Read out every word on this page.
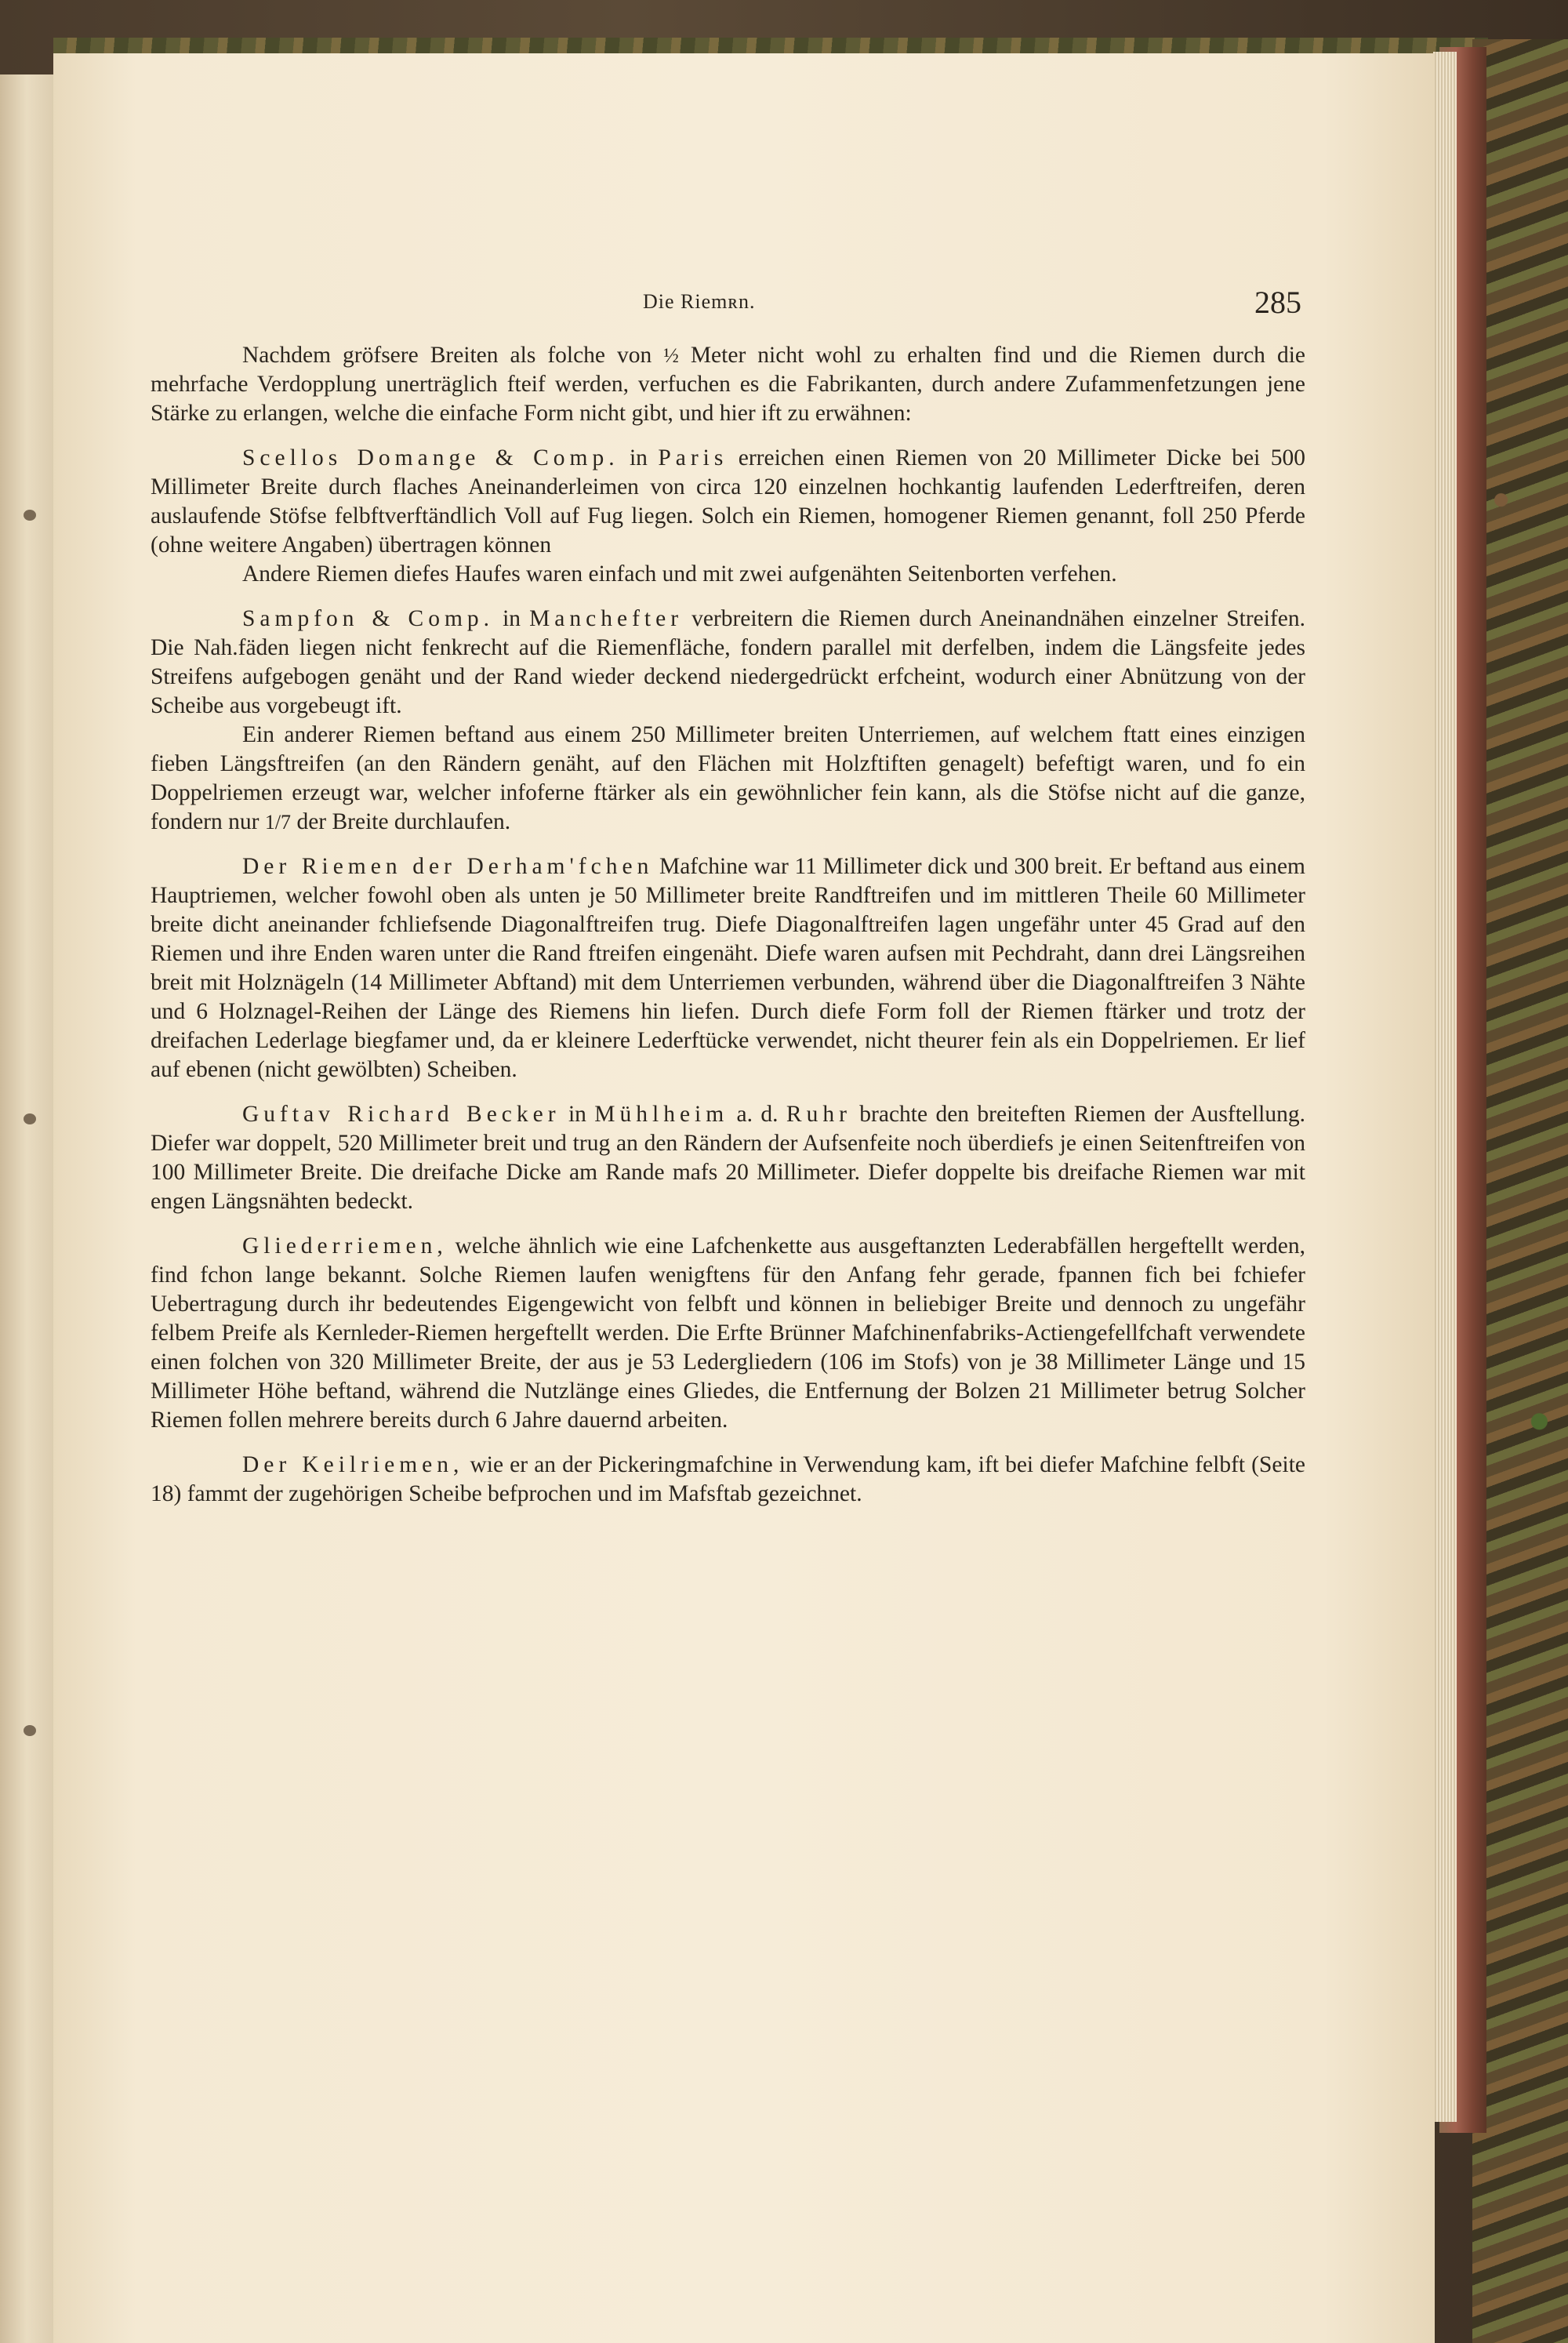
Die Riemʀn.	285

Nachdem gröfsere Breiten als folche von ½ Meter nicht wohl zu erhalten find und die Riemen durch die mehrfache Verdopplung unerträglich fteif werden, verfuchen es die Fabrikanten, durch andere Zufammenfetzungen jene Stärke zu erlangen, welche die einfache Form nicht gibt, und hier ift zu erwähnen:

Scellos Domange & Comp. in Paris erreichen einen Riemen von 20 Millimeter Dicke bei 500 Millimeter Breite durch flaches Aneinanderleimen von circa 120 einzelnen hochkantig laufenden Lederftreifen, deren auslaufende Stöfse felbftverftändlich Voll auf Fug liegen. Solch ein Riemen, homogener Riemen genannt, foll 250 Pferde (ohne weitere Angaben) übertragen können

Andere Riemen diefes Haufes waren einfach und mit zwei aufgenähten Seitenborten verfehen.

Sampfon & Comp. in Manchefter verbreitern die Riemen durch Aneinandnähen einzelner Streifen. Die Nah.fäden liegen nicht fenkrecht auf die Riemenfläche, fondern parallel mit derfelben, indem die Längsfeite jedes Streifens aufgebogen genäht und der Rand wieder deckend niedergedrückt erfcheint, wodurch einer Abnützung von der Scheibe aus vorgebeugt ift.

Ein anderer Riemen beftand aus einem 250 Millimeter breiten Unterriemen, auf welchem ftatt eines einzigen fieben Längsftreifen (an den Rändern genäht, auf den Flächen mit Holzftiften genagelt) befeftigt waren, und fo ein Doppelriemen erzeugt war, welcher infoferne ftärker als ein gewöhnlicher fein kann, als die Stöfse nicht auf die ganze, fondern nur 1/7 der Breite durchlaufen.

Der Riemen der Derham'fchen Mafchine war 11 Millimeter dick und 300 breit. Er beftand aus einem Hauptriemen, welcher fowohl oben als unten je 50 Millimeter breite Randftreifen und im mittleren Theile 60 Millimeter breite dicht aneinander fchliefsende Diagonalftreifen trug. Diefe Diagonalftreifen lagen ungefähr unter 45 Grad auf den Riemen und ihre Enden waren unter die Rand ftreifen eingenäht. Diefe waren aufsen mit Pechdraht, dann drei Längsreihen breit mit Holznägeln (14 Millimeter Abftand) mit dem Unterriemen verbunden, während über die Diagonalftreifen 3 Nähte und 6 Holznagel-Reihen der Länge des Riemens hin liefen. Durch diefe Form foll der Riemen ftärker und trotz der dreifachen Lederlage biegfamer und, da er kleinere Lederftücke verwendet, nicht theurer fein als ein Doppelriemen. Er lief auf ebenen (nicht gewölbten) Scheiben.

Guftav Richard Becker in Mühlheim a. d. Ruhr brachte den breiteften Riemen der Ausftellung. Diefer war doppelt, 520 Millimeter breit und trug an den Rändern der Aufsenfeite noch überdiefs je einen Seitenftreifen von 100 Millimeter Breite. Die dreifache Dicke am Rande mafs 20 Millimeter. Diefer doppelte bis dreifache Riemen war mit engen Längsnähten bedeckt.

Gliederriemen, welche ähnlich wie eine Lafchenkette aus ausgeftanzten Lederabfällen hergeftellt werden, find fchon lange bekannt. Solche Riemen laufen wenigftens für den Anfang fehr gerade, fpannen fich bei fchiefer Uebertragung durch ihr bedeutendes Eigengewicht von felbft und können in beliebiger Breite und dennoch zu ungefähr felbem Preife als Kernleder-Riemen hergeftellt werden. Die Erfte Brünner Mafchinenfabriks-Actiengefellfchaft verwendete einen folchen von 320 Millimeter Breite, der aus je 53 Ledergliedern (106 im Stofs) von je 38 Millimeter Länge und 15 Millimeter Höhe beftand, während die Nutzlänge eines Gliedes, die Entfernung der Bolzen 21 Millimeter betrug Solcher Riemen follen mehrere bereits durch 6 Jahre dauernd arbeiten.

Der Keilriemen, wie er an der Pickeringmafchine in Verwendung kam, ift bei diefer Mafchine felbft (Seite 18) fammt der zugehörigen Scheibe befprochen und im Mafsftab gezeichnet.
